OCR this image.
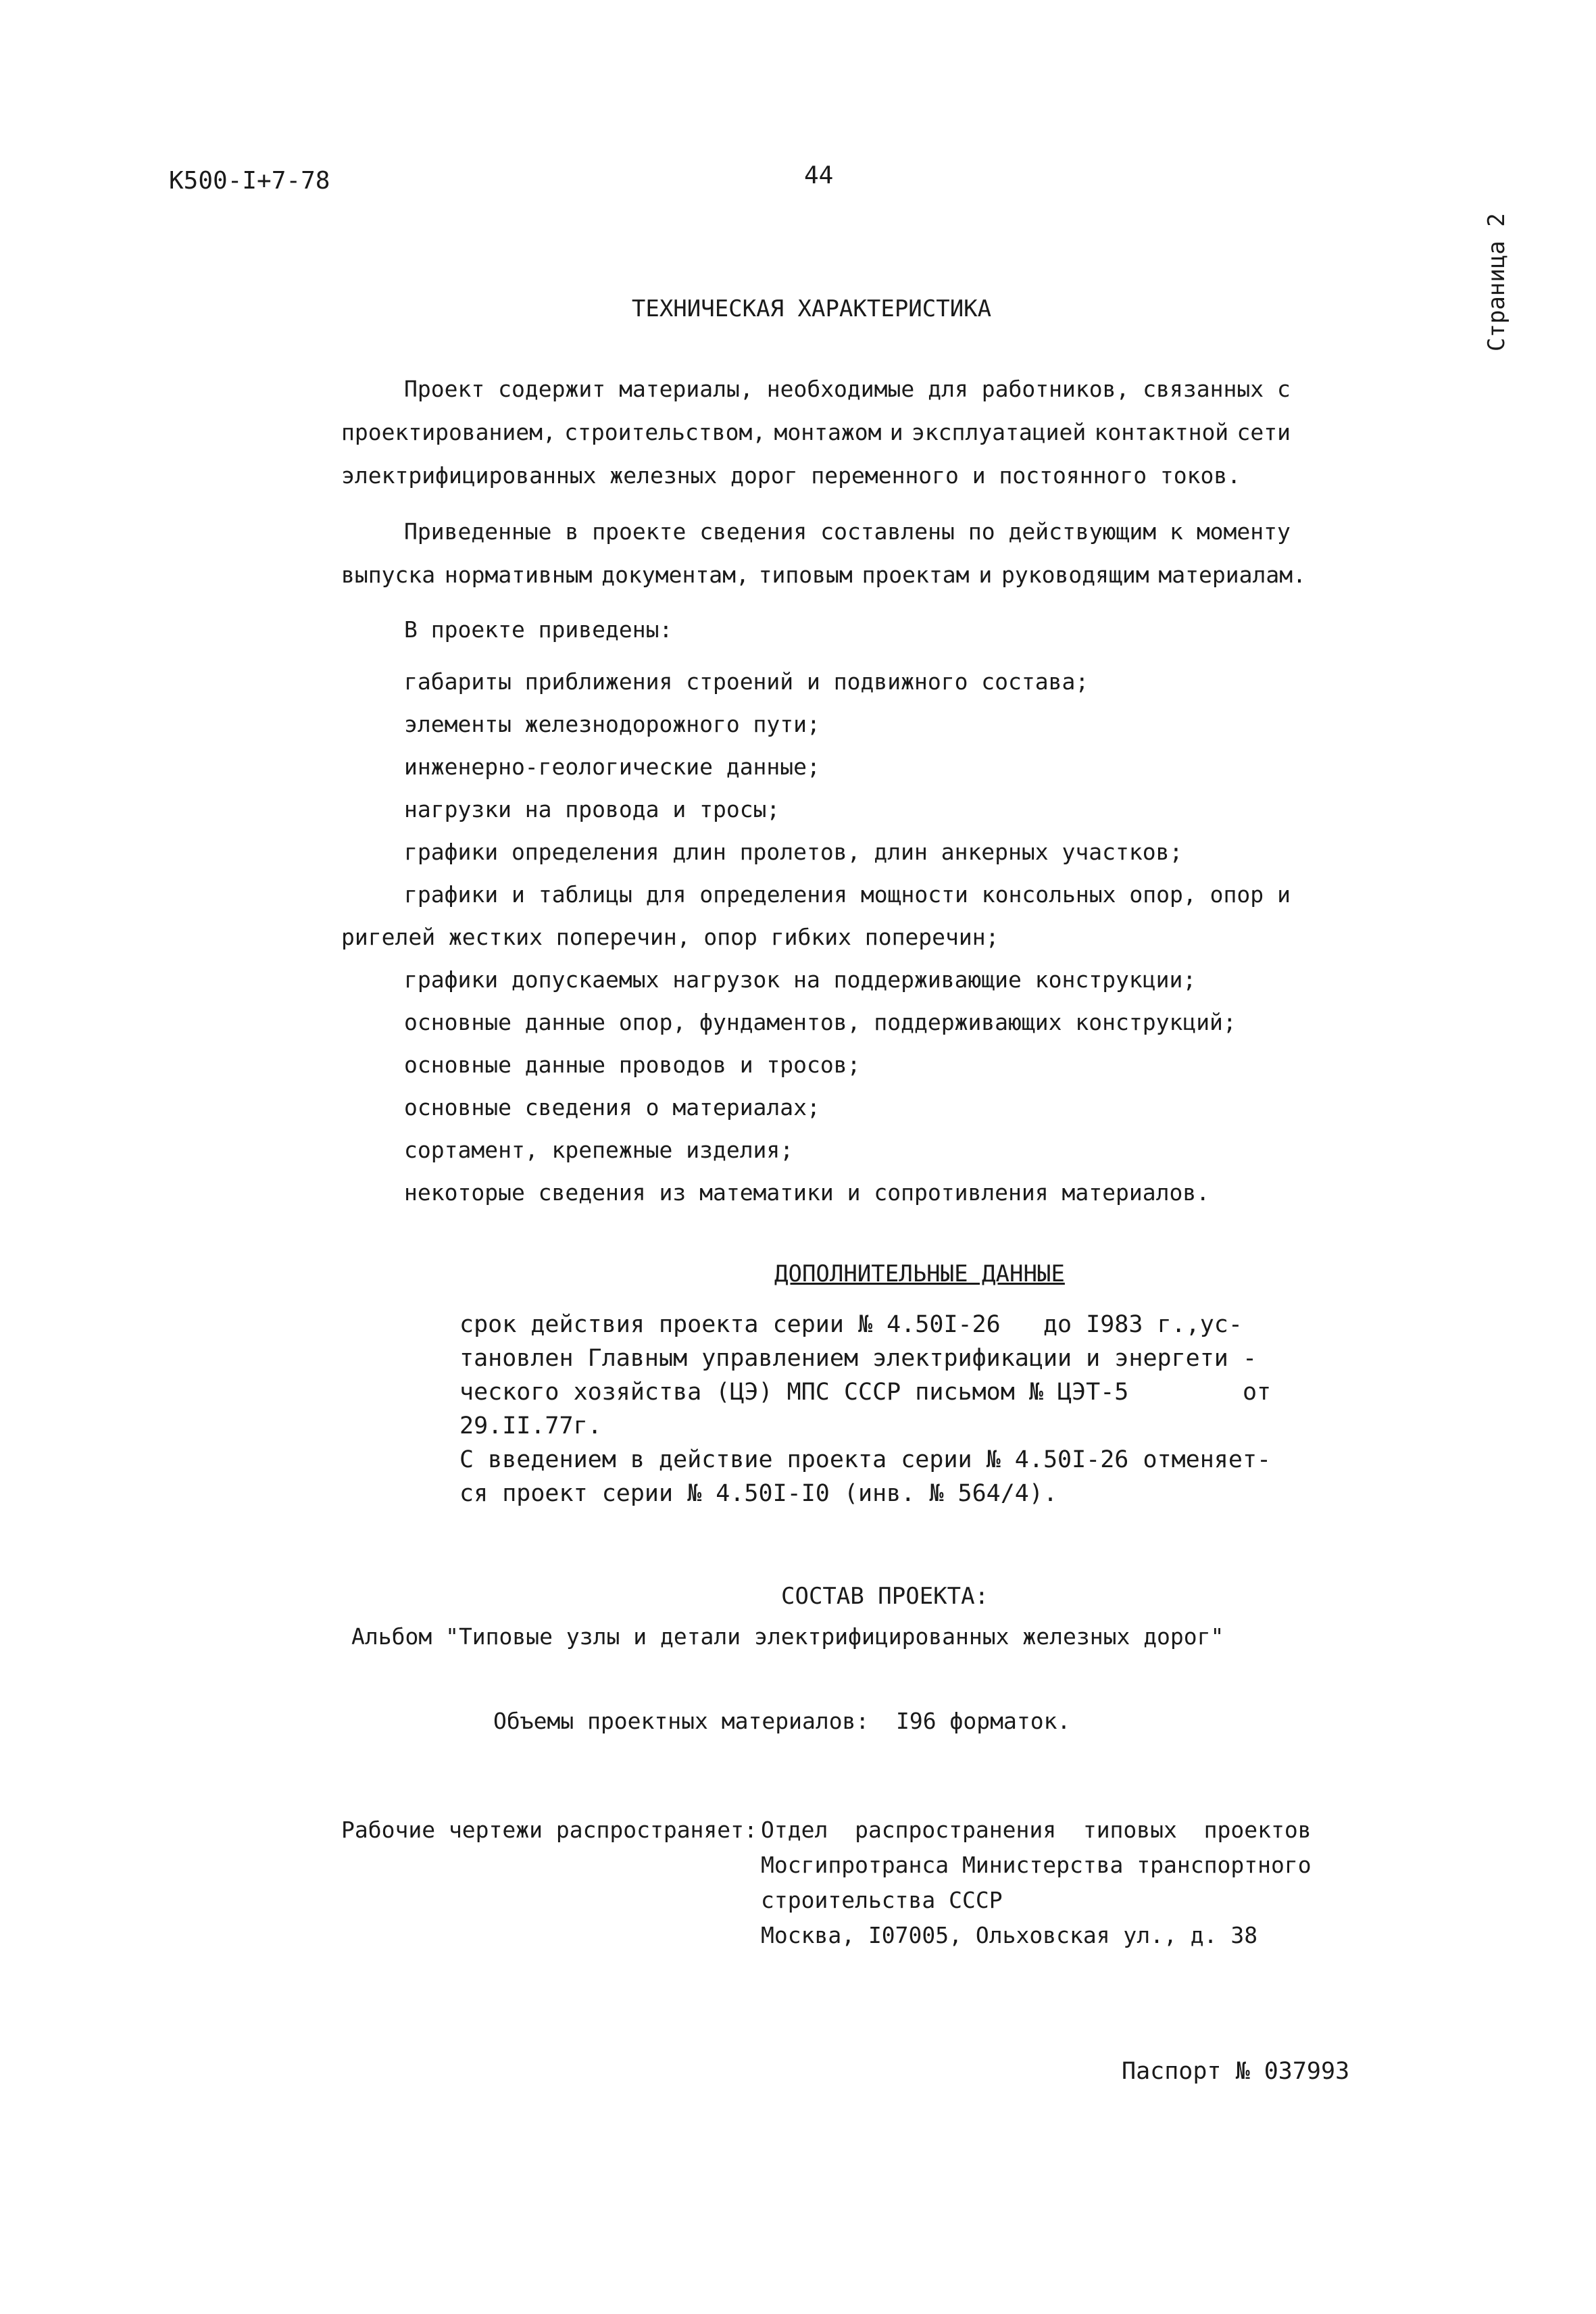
К500-I+7-78	44
Страница 2
ТЕХНИЧЕСКАЯ ХАРАКТЕРИСТИКА
Проект содержит материалы, необходимые для работников, связанных с
проектированием, строительством, монтажом и эксплуатацией контактной сети
электрифицированных железных дорог переменного и постоянного токов.
Приведенные в проекте сведения составлены по действующим к моменту
выпуска нормативным документам, типовым проектам и руководящим материалам.
В проекте приведены:
габариты приближения строений и подвижного состава;
элементы железнодорожного пути;
инженерно-геологические данные;
нагрузки на провода и тросы;
графики определения длин пролетов, длин анкерных участков;
графики и таблицы для определения мощности консольных опор, опор и
ригелей жестких поперечин, опор гибких поперечин;
графики допускаемых нагрузок на поддерживающие конструкции;
основные данные опор, фундаментов, поддерживающих конструкций;
основные данные проводов и тросов;
основные сведения о материалах;
сортамент, крепежные изделия;
некоторые сведения из математики и сопротивления материалов.
ДОПОЛНИТЕЛЬНЫЕ ДАННЫЕ
срок действия проекта серии № 4.50I-26   до I983 г.,ус-
тановлен Главным управлением электрификации и энергети -
ческого хозяйства (ЦЭ) МПС СССР письмом № ЦЭТ-5        от
29.II.77г.
С введением в действие проекта серии № 4.50I-26 отменяет-
ся проект серии № 4.50I-I0 (инв. № 564/4).
СОСТАВ ПРОЕКТА:
Альбом "Типовые узлы и детали электрифицированных железных дорог"
Объемы проектных материалов:  I96 форматок.
Рабочие чертежи распространяет: Отдел  распространения  типовых  проектов
Мосгипротранса Министерства транспортного
строительства СССР
Москва, I07005, Ольховская ул., д. 38
Паспорт № 037993
